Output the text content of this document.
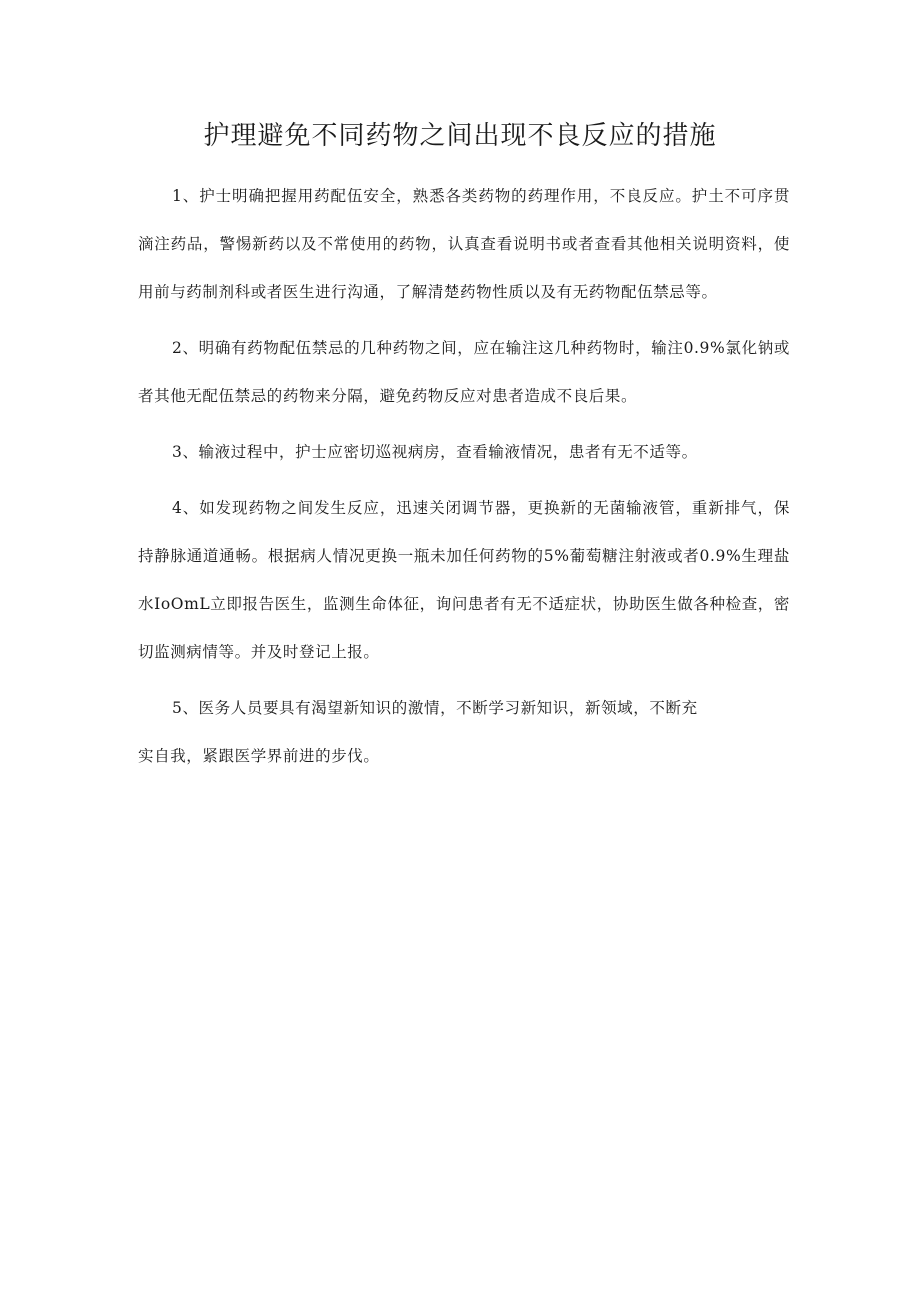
护理避免不同药物之间出现不良反应的措施

1、护士明确把握用药配伍安全，熟悉各类药物的药理作用，不良反应。护土不可序贯滴注药品，警惕新药以及不常使用的药物，认真查看说明书或者查看其他相关说明资料，使用前与药制剂科或者医生进行沟通，了解清楚药物性质以及有无药物配伍禁忌等。

2、明确有药物配伍禁忌的几种药物之间，应在输注这几种药物时，输注0.9%氯化钠或者其他无配伍禁忌的药物来分隔，避免药物反应对患者造成不良后果。

3、输液过程中，护士应密切巡视病房，查看输液情况，患者有无不适等。

4、如发现药物之间发生反应，迅速关闭调节器，更换新的无菌输液管，重新排气，保持静脉通道通畅。根据病人情况更换一瓶未加任何药物的5%葡萄糖注射液或者0.9%生理盐水IoOmL立即报告医生，监测生命体征，询问患者有无不适症状，协助医生做各种检查，密切监测病情等。并及时登记上报。

5、医务人员要具有渴望新知识的激情，不断学习新知识，新领域，不断充

实自我，紧跟医学界前进的步伐。
